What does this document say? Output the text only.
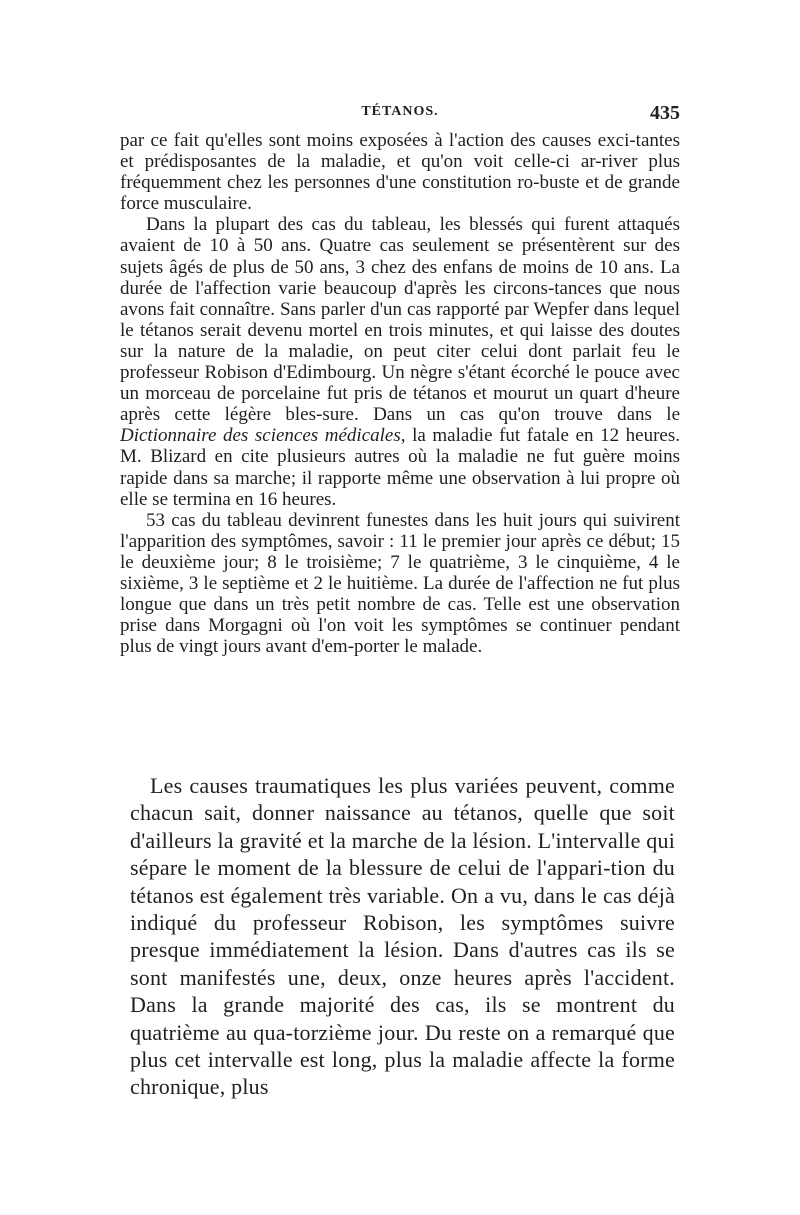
TÉTANOS.	435

par ce fait qu'elles sont moins exposées à l'action des causes exci-tantes et prédisposantes de la maladie, et qu'on voit celle-ci ar-river plus fréquemment chez les personnes d'une constitution ro-buste et de grande force musculaire.

Dans la plupart des cas du tableau, les blessés qui furent attaqués avaient de 10 à 50 ans. Quatre cas seulement se présentèrent sur des sujets âgés de plus de 50 ans, 3 chez des enfans de moins de 10 ans. La durée de l'affection varie beaucoup d'après les circons-tances que nous avons fait connaître. Sans parler d'un cas rapporté par Wepfer dans lequel le tétanos serait devenu mortel en trois minutes, et qui laisse des doutes sur la nature de la maladie, on peut citer celui dont parlait feu le professeur Robison d'Edimbourg. Un nègre s'étant écorché le pouce avec un morceau de porcelaine fut pris de tétanos et mourut un quart d'heure après cette légère bles-sure. Dans un cas qu'on trouve dans le Dictionnaire des sciences médicales, la maladie fut fatale en 12 heures. M. Blizard en cite plusieurs autres où la maladie ne fut guère moins rapide dans sa marche; il rapporte même une observation à lui propre où elle se termina en 16 heures.

53 cas du tableau devinrent funestes dans les huit jours qui suivirent l'apparition des symptômes, savoir : 11 le premier jour après ce début; 15 le deuxième jour; 8 le troisième; 7 le quatrième, 3 le cinquième, 4 le sixième, 3 le septième et 2 le huitième. La durée de l'affection ne fut plus longue que dans un très petit nombre de cas. Telle est une observation prise dans Morgagni où l'on voit les symptômes se continuer pendant plus de vingt jours avant d'em-porter le malade.

Les causes traumatiques les plus variées peuvent, comme chacun sait, donner naissance au tétanos, quelle que soit d'ailleurs la gravité et la marche de la lésion. L'intervalle qui sépare le moment de la blessure de celui de l'appari-tion du tétanos est également très variable. On a vu, dans le cas déjà indiqué du professeur Robison, les symptômes suivre presque immédiatement la lésion. Dans d'autres cas ils se sont manifestés une, deux, onze heures après l'accident. Dans la grande majorité des cas, ils se montrent du quatrième au qua-torzième jour. Du reste on a remarqué que plus cet intervalle est long, plus la maladie affecte la forme chronique, plus
